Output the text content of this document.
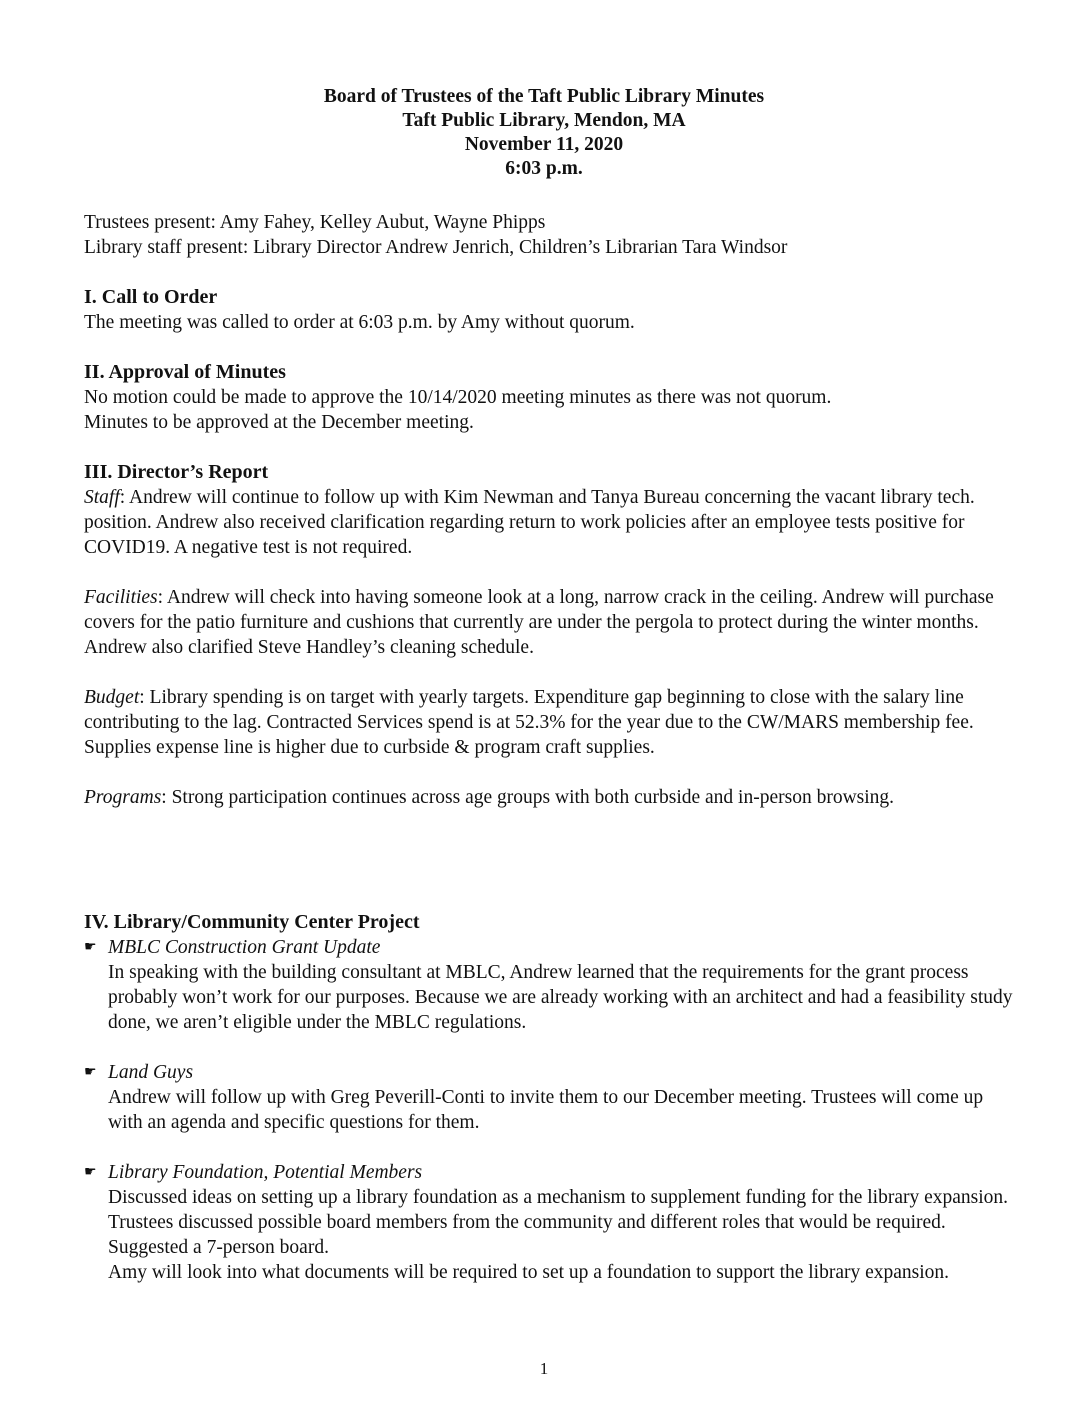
Board of Trustees of the Taft Public Library Minutes
Taft Public Library, Mendon, MA
November 11, 2020
6:03 p.m.

Trustees present: Amy Fahey, Kelley Aubut, Wayne Phipps

Library staff present: Library Director Andrew Jenrich, Children’s Librarian Tara Windsor

I. Call to Order

The meeting was called to order at 6:03 p.m. by Amy without quorum.

II. Approval of Minutes

No motion could be made to approve the 10/14/2020 meeting minutes as there was not quorum.

Minutes to be approved at the December meeting.

III. Director’s Report

Staff: Andrew will continue to follow up with Kim Newman and Tanya Bureau concerning the vacant library tech. position. Andrew also received clarification regarding return to work policies after an employee tests positive for COVID19. A negative test is not required.

Facilities: Andrew will check into having someone look at a long, narrow crack in the ceiling. Andrew will purchase covers for the patio furniture and cushions that currently are under the pergola to protect during the winter months. Andrew also clarified Steve Handley’s cleaning schedule.

Budget: Library spending is on target with yearly targets. Expenditure gap beginning to close with the salary line contributing to the lag. Contracted Services spend is at 52.3% for the year due to the CW/MARS membership fee. Supplies expense line is higher due to curbside & program craft supplies.

Programs: Strong participation continues across age groups with both curbside and in-person browsing.

IV. Library/Community Center Project
☛ MBLC Construction Grant Update

In speaking with the building consultant at MBLC, Andrew learned that the requirements for the grant process probably won’t work for our purposes. Because we are already working with an architect and had a feasibility study done, we aren’t eligible under the MBLC regulations.

☛ Land Guys

Andrew will follow up with Greg Peverill-Conti to invite them to our December meeting. Trustees will come up with an agenda and specific questions for them.

☛ Library Foundation, Potential Members

Discussed ideas on setting up a library foundation as a mechanism to supplement funding for the library expansion. Trustees discussed possible board members from the community and different roles that would be required. Suggested a 7-person board.

Amy will look into what documents will be required to set up a foundation to support the library expansion.

1
